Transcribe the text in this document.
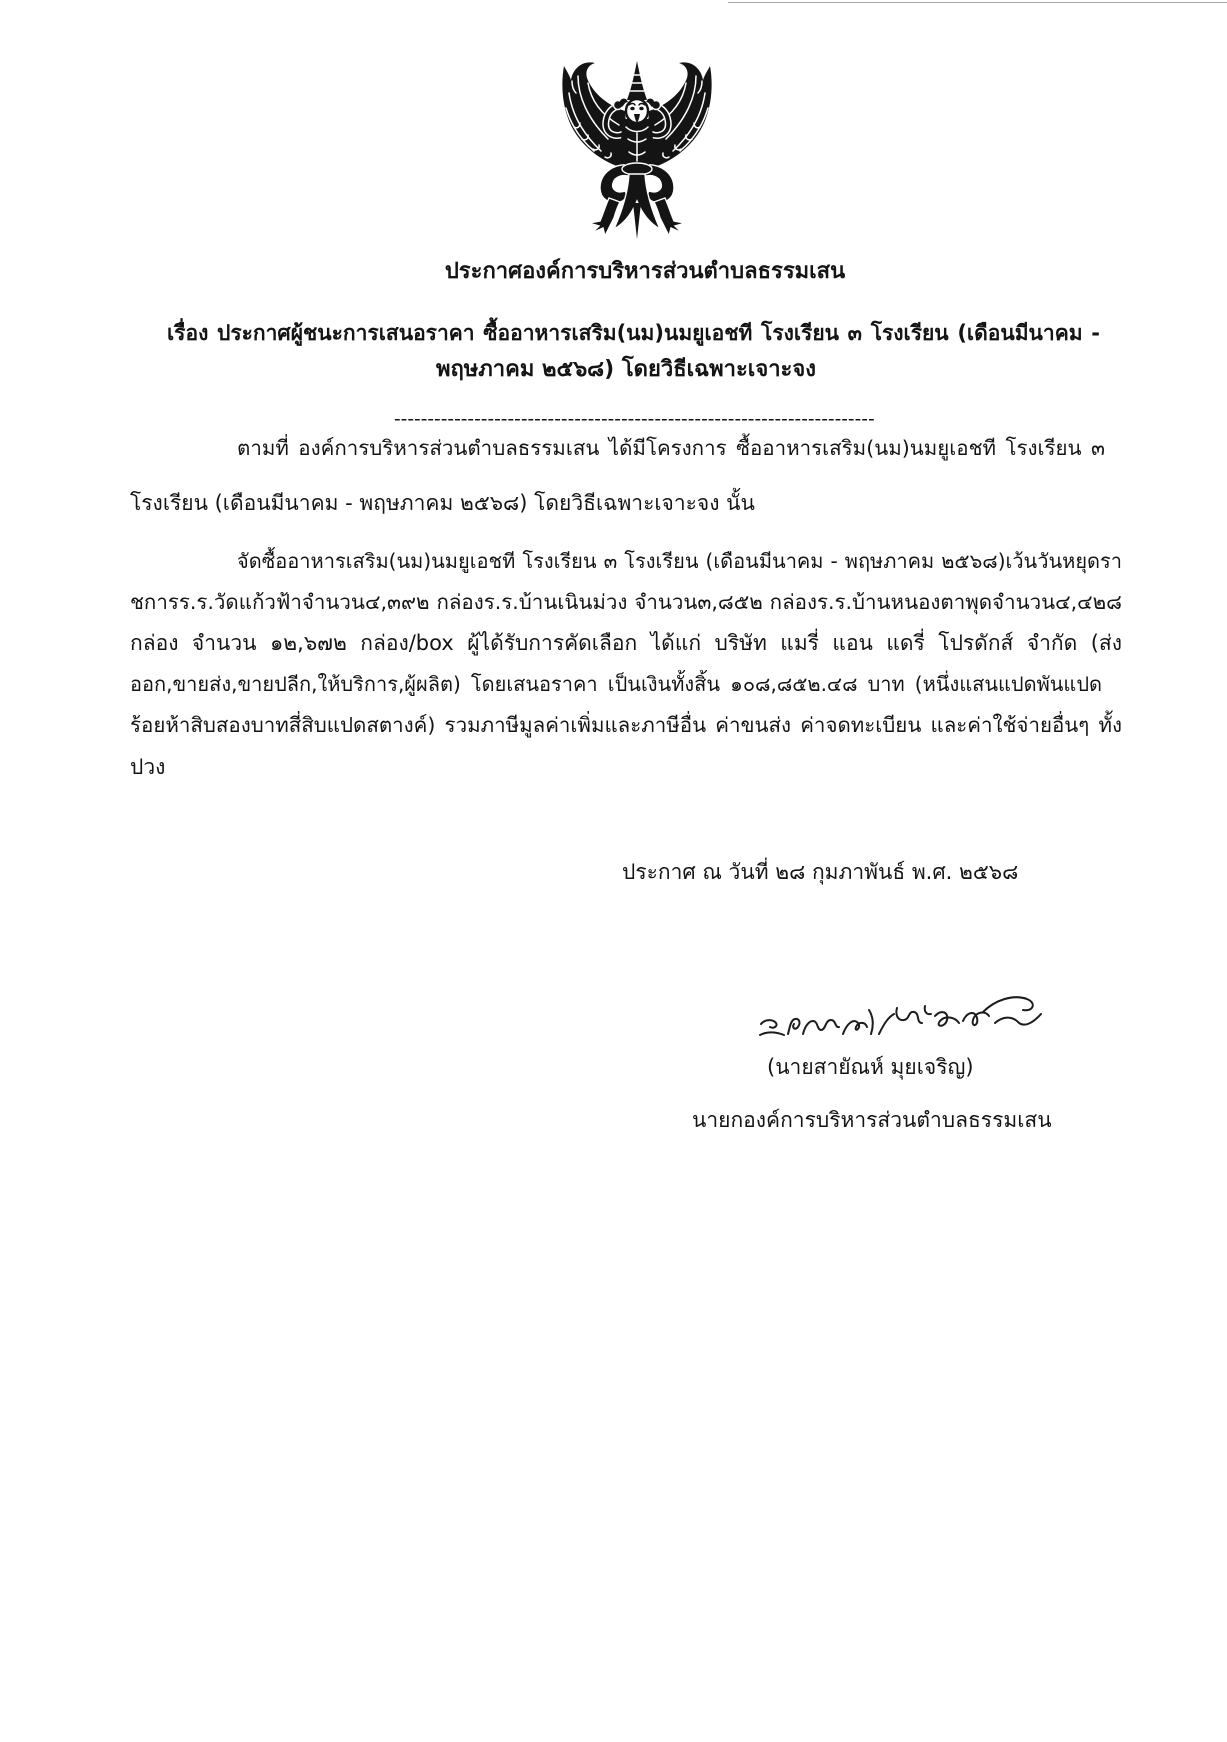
ประกาศองค์การบริหารส่วนตำบลธรรมเสน
เรื่อง ประกาศผู้ชนะการเสนอราคา ซื้ออาหารเสริม(นม)นมยูเอชที โรงเรียน ๓ โรงเรียน (เดือนมีนาคม -
พฤษภาคม ๒๕๖๘) โดยวิธีเฉพาะเจาะจง
------------------------------------------------------------------------
ตามที่ องค์การบริหารส่วนตำบลธรรมเสน ได้มีโครงการ ซื้ออาหารเสริม(นม)นมยูเอชที โรงเรียน ๓
โรงเรียน (เดือนมีนาคม - พฤษภาคม ๒๕๖๘) โดยวิธีเฉพาะเจาะจง นั้น
จัดซื้ออาหารเสริม(นม)นมยูเอชที โรงเรียน ๓ โรงเรียน (เดือนมีนาคม - พฤษภาคม ๒๕๖๘)เว้นวันหยุดรา
ชการร.ร.วัดแก้วฟ้าจำนวน๔,๓๙๒ กล่องร.ร.บ้านเนินม่วง จำนวน๓,๘๕๒ กล่องร.ร.บ้านหนองตาพุดจำนวน๔,๔๒๘
กล่อง จำนวน ๑๒,๖๗๒ กล่อง/box ผู้ได้รับการคัดเลือก ได้แก่ บริษัท แมรี่ แอน แดรี่ โปรดักส์ จำกัด (ส่ง
ออก,ขายส่ง,ขายปลีก,ให้บริการ,ผู้ผลิต) โดยเสนอราคา เป็นเงินทั้งสิ้น ๑๐๘,๘๕๒.๔๘ บาท (หนึ่งแสนแปดพันแปด
ร้อยห้าสิบสองบาทสี่สิบแปดสตางค์) รวมภาษีมูลค่าเพิ่มและภาษีอื่น ค่าขนส่ง ค่าจดทะเบียน และค่าใช้จ่ายอื่นๆ ทั้ง
ปวง
ประกาศ ณ วันที่ ๒๘ กุมภาพันธ์ พ.ศ. ๒๕๖๘
(นายสายัณห์ มุยเจริญ)
นายกองค์การบริหารส่วนตำบลธรรมเสน
